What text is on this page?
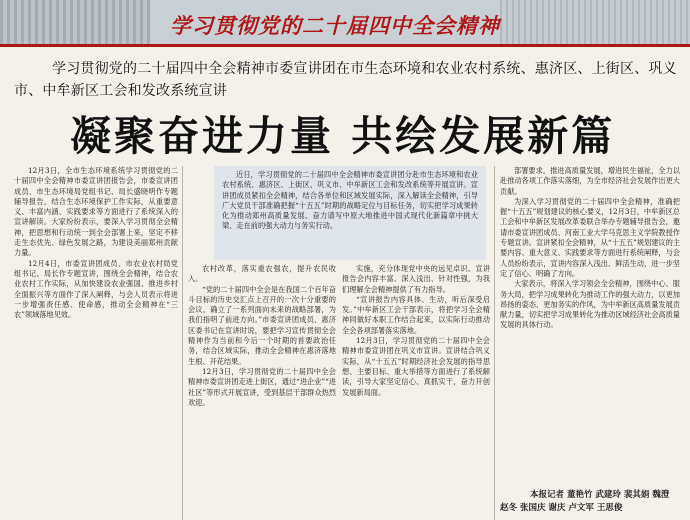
学习贯彻党的二十届四中全会精神
学习贯彻党的二十届四中全会精神市委宣讲团在市生态环境和农业农村系统、惠济区、上街区、巩义市、中牟新区工会和发改系统宣讲
凝聚奋进力量 共绘发展新篇

近日，学习贯彻党的二十届四中全会精神市委宣讲团分赴市生态环境和农业农村系统、惠济区、上街区、巩义市、中牟新区工会和发改系统等开展宣讲。宣讲团成员紧扣全会精神，结合各单位和区域发展实际，深入解读全会精神，引导广大党员干部准确把握“十五五”时期的战略定位与目标任务，切实把学习成果转化为推动郑州高质量发展、奋力谱写中原大地推进中国式现代化新篇章中挑大梁、走在前的强大动力与务实行动。

12月3日，全市生态环境系统学习贯彻党的二十届四中全会精神市委宣讲团报告会，市委宣讲团成员、市生态环境局党组书记、局长盛晓明作专题辅导报告，结合生态环境保护工作实际，从重要意义、丰富内涵、实践要求等方面进行了系统深入的宣讲解读。大家纷纷表示，要深入学习贯彻全会精神，把思想和行动统一到全会部署上来，坚定不移走生态优先、绿色发展之路，为建设美丽郑州贡献力量。

12月4日，市委宣讲团成员、市农业农村局党组书记、局长作专题宣讲，围绕全会精神，结合农业农村工作实际，从加快建设农业强国、推进乡村全面振兴等方面作了深入阐释，与会人员表示将进一步增强责任感、使命感，推动全会精神在“三农”领域落地见效。

农村改革，落实重农强农，提升农民收入。

“党的二十届四中全会是在我国二个百年奋斗目标的历史交汇点上召开的一次十分重要的会议，确立了一系列面向未来的战略部署，为我们指明了前进方向。”市委宣讲团成员、惠济区委书记在宣讲时说，要把学习宣传贯彻全会精神作为当前和今后一个时期的首要政治任务，结合区域实际，推动全会精神在惠济落地生根、开花结果。

12月3日，学习贯彻党的二十届四中全会精神市委宣讲团走进上街区，通过“进企业”“进社区”等形式开展宣讲，受到基层干部群众热烈欢迎。

实施，充分体现党中央的远见卓识。宣讲报告会内容丰富、深入浅出、针对性强，为我们理解全会精神提供了有力指导。

“宣讲报告内容具体、生动，听后深受启发。”中牟新区工会干部表示，将把学习全会精神同做好本职工作结合起来，以实际行动推动全会各项部署落实落地。

12月3日，学习贯彻党的二十届四中全会精神市委宣讲团在巩义市宣讲。宣讲结合巩义实际，从“十五五”时期经济社会发展的指导思想、主要目标、重大举措等方面进行了系统解读，引导大家坚定信心、真抓实干，奋力开创发展新局面。

部署要求，推进高质量发展，增进民生福祉，全力以赴推动各项工作落实落细，为全市经济社会发展作出更大贡献。

为深入学习贯彻党的二十届四中全会精神，准确把握“十五五”规划建议的核心要义，12月3日，中牟新区总工会和中牟新区发展改革委联合举办专题辅导报告会，邀请市委宣讲团成员、河南工业大学马克思主义学院教授作专题宣讲。宣讲紧扣全会精神，从“十五五”规划建议的主要内容、重大意义、实践要求等方面进行系统阐释，与会人员纷纷表示，宣讲内容深入浅出、鲜活生动，进一步坚定了信心、明确了方向。

大家表示，将深入学习领会全会精神，围绕中心、服务大局，把学习成果转化为推动工作的强大动力，以更加昂扬的姿态、更加务实的作风，为中牟新区高质量发展贡献力量，切实把学习成果转化为推动区域经济社会高质量发展的具体行动。

本报记者 董艳竹 武建玲 裴其娟 魏澄 赵冬 张国庆 谢庆 卢文军 王思俊
